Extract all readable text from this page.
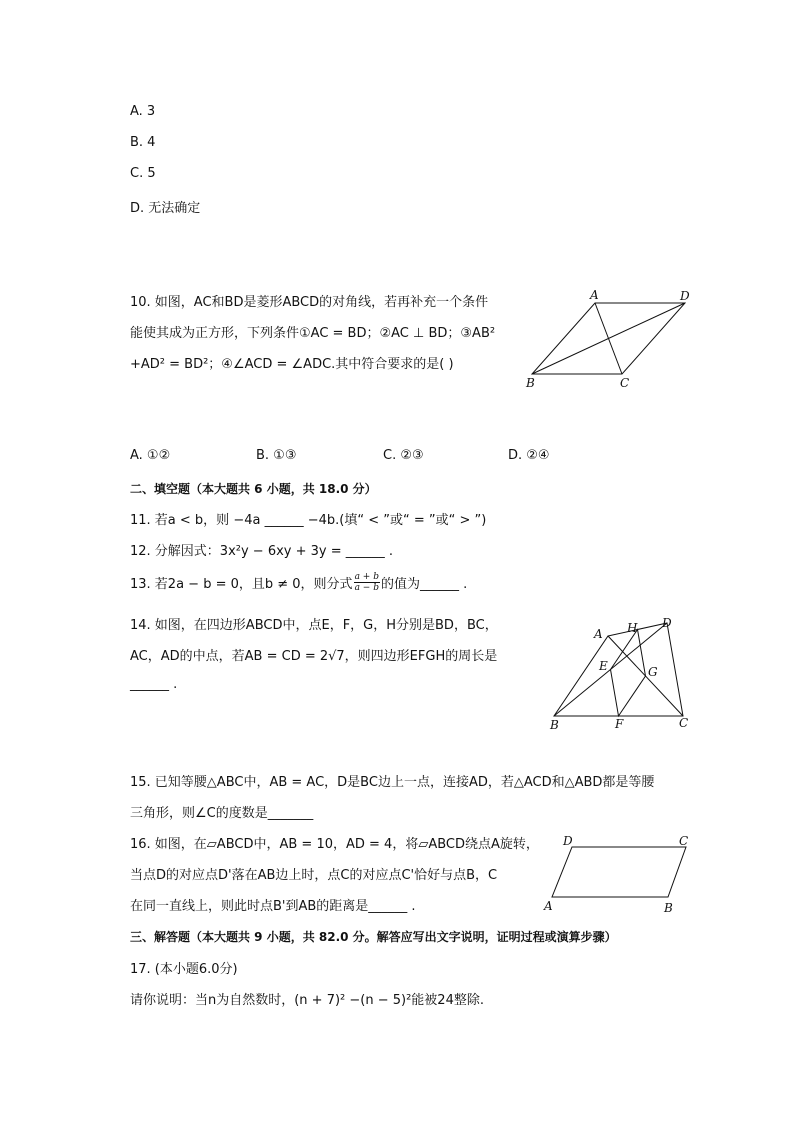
A. 3
B. 4
C. 5
D. 无法确定
10. 如图，AC和BD是菱形ABCD的对角线，若再补充一个条件
能使其成为正方形，下列条件①AC = BD；②AC ⊥ BD；③AB²
+AD² = BD²；④∠ACD = ∠ADC.其中符合要求的是( )
A	D
B	C
A. ①②	B. ①③	C. ②③	D. ②④
二、填空题（本大题共 6 小题，共 18.0 分）
11. 若a < b，则 −4a ______ −4b.(填“ < ”或“ = ”或“ > ”)
12. 分解因式：3x²y − 6xy + 3y = ______ .
13. 若2a − b = 0，且b ≠ 0，则分式 $\frac{a + b}{a - b}$ 的值为______ .
14. 如图，在四边形ABCD中，点E，F，G，H分别是BD，BC，
AC，AD的中点，若AB = CD = 2√7，则四边形EFGH的周长是
______ .
A H D
E	G
B	F	C
15. 已知等腰△ABC中，AB = AC，D是BC边上一点，连接AD，若△ACD和△ABD都是等腰
三角形，则∠C的度数是_______
16. 如图，在▱ABCD中，AB = 10，AD = 4，将▱ABCD绕点A旋转，
当点D的对应点D'落在AB边上时，点C的对应点C'恰好与点B，C
在同一直线上，则此时点B'到AB的距离是______ .
D	C
A	B
三、解答题（本大题共 9 小题，共 82.0 分。解答应写出文字说明，证明过程或演算步骤）
17. (本小题6.0分)
请你说明：当n为自然数时，(n + 7)² −(n − 5)²能被24整除.
